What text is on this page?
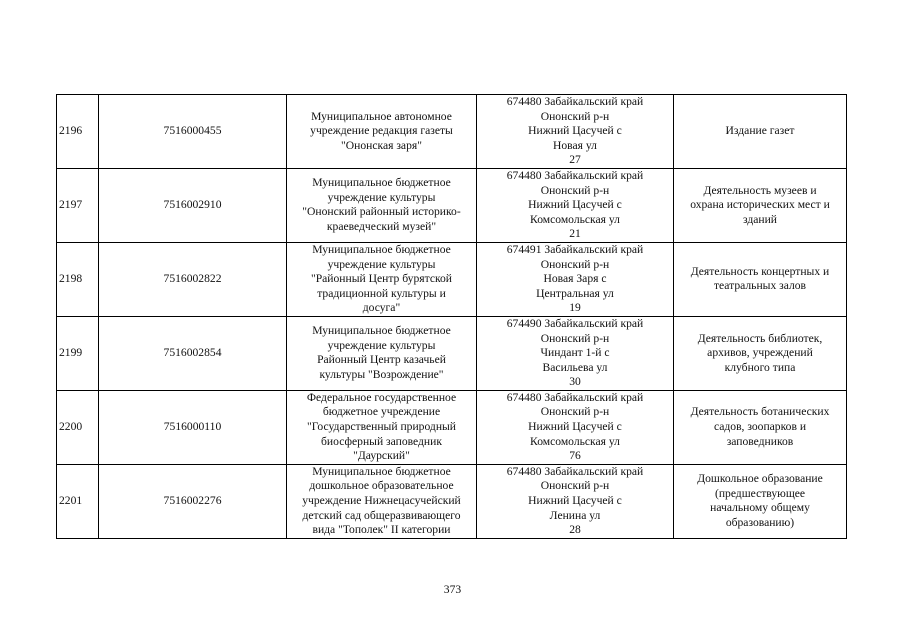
2196	7516000455	Муниципальное автономное
учреждение редакция газеты
"Ононская заря"	674480 Забайкальский край
Ононский р-н
Нижний Цасучей с
Новая ул
27	Издание газет

2197	7516002910	Муниципальное бюджетное
учреждение культуры
"Ононский районный историко-
краеведческий музей"	674480 Забайкальский край
Ононский р-н
Нижний Цасучей с
Комсомольская ул
21	Деятельность музеев и
охрана исторических мест и
зданий

2198	7516002822	Муниципальное бюджетное
учреждение культуры
"Районный Центр бурятской
традиционной культуры и
досуга"	674491 Забайкальский край
Ононский р-н
Новая Заря с
Центральная ул
19	Деятельность концертных и
театральных залов

2199	7516002854	Муниципальное бюджетное
учреждение культуры
Районный Центр казачьей
культуры "Возрождение"	674490 Забайкальский край
Ононский р-н
Чиндант 1-й с
Васильева ул
30	Деятельность библиотек,
архивов, учреждений
клубного типа

2200	7516000110	Федеральное государственное
бюджетное учреждение
"Государственный природный
биосферный заповедник
"Даурский"	674480 Забайкальский край
Ононский р-н
Нижний Цасучей с
Комсомольская ул
76	Деятельность ботанических
садов, зоопарков и
заповедников

2201	7516002276	Муниципальное бюджетное
дошкольное образовательное
учреждение Нижнецасучейский
детский сад общеразвивающего
вида "Тополек" II категории	674480 Забайкальский край
Ононский р-н
Нижний Цасучей с
Ленина ул
28	Дошкольное образование
(предшествующее
начальному общему
образованию)
373
